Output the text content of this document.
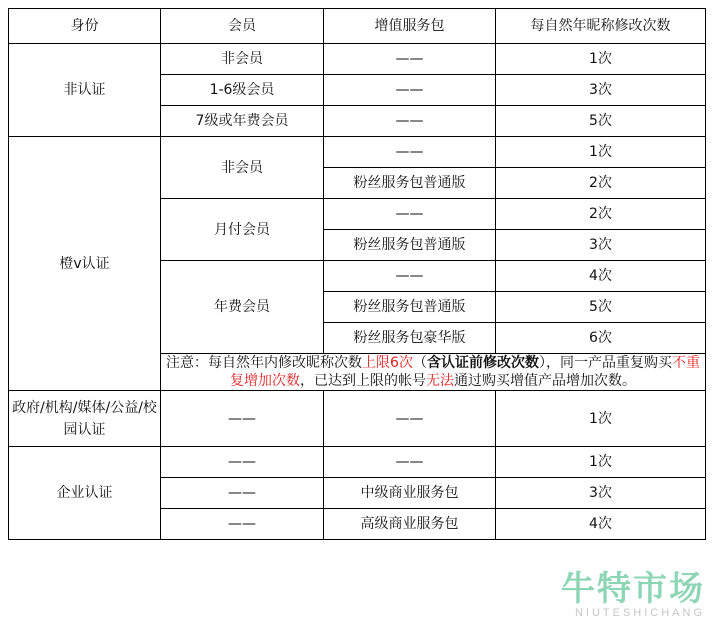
身份	会员	增值服务包	每自然年昵称修改次数
非认证	非会员	——	1次
	1-6级会员	——	3次
	7级或年费会员	——	5次
橙v认证	非会员	——	1次
		粉丝服务包普通版	2次
	月付会员	——	2次
		粉丝服务包普通版	3次
	年费会员	——	4次
		粉丝服务包普通版	5次
		粉丝服务包豪华版	6次
	注意：每自然年内修改昵称次数上限6次（含认证前修改次数），同一产品重复购买不重复增加次数，已达到上限的帐号无法通过购买增值产品增加次数。		
政府/机构/媒体/公益/校园认证	——	——	1次
企业认证	——	——	1次
	——	中级商业服务包	3次
	——	高级商业服务包	4次
牛特市场
NIUTESHICHANG
